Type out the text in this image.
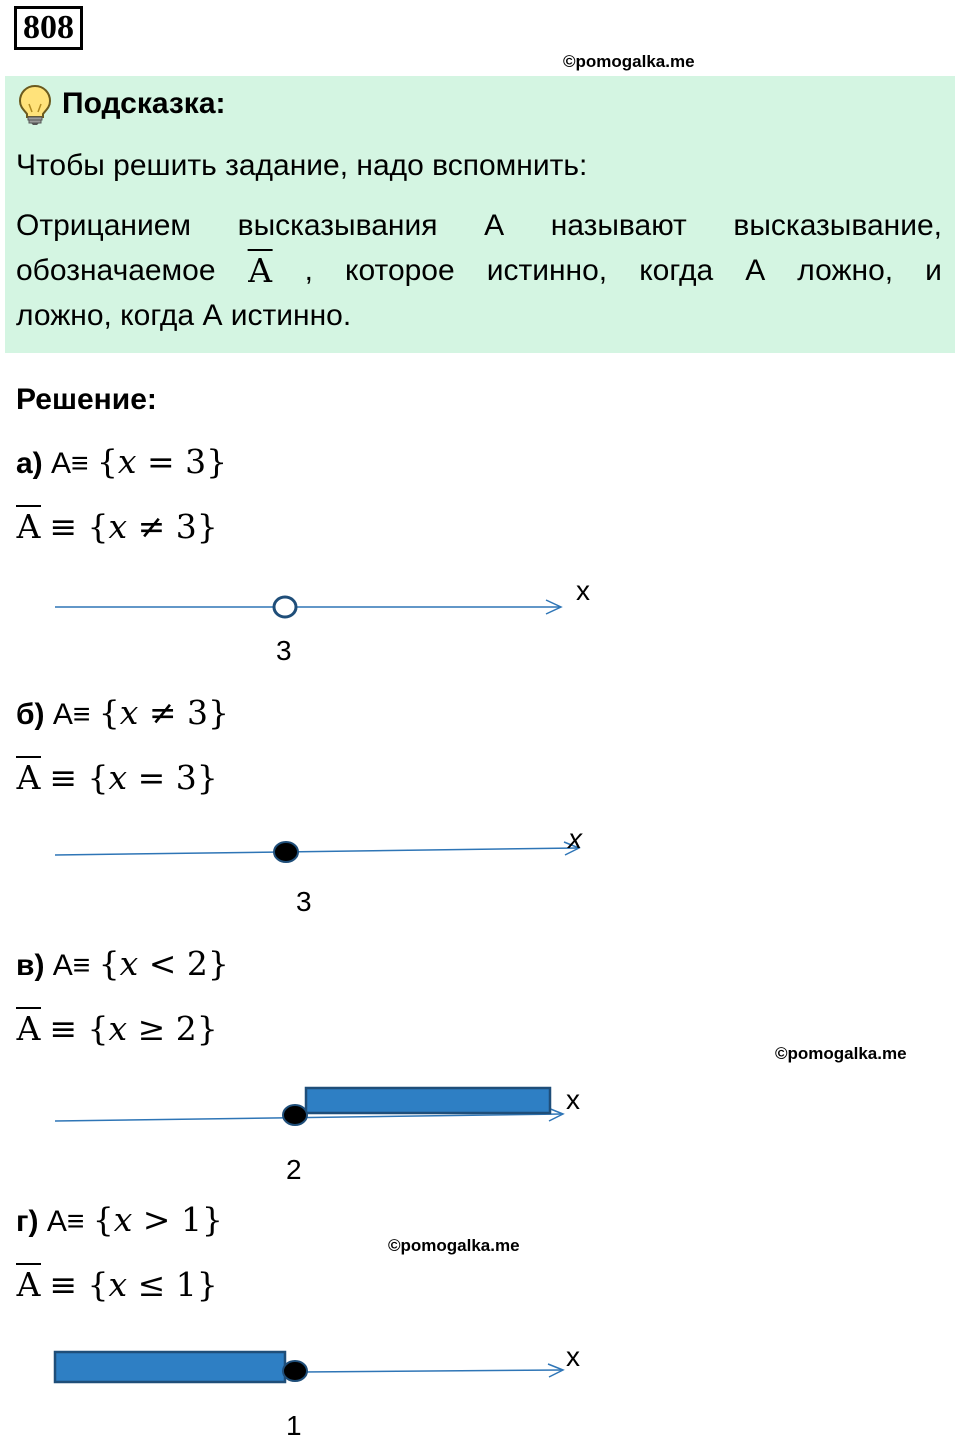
808
©pomogalka.me
Подсказка:
Чтобы решить задание, надо вспомнить:
Отрицанием высказывания А называют высказывание,
обозначаемое А , которое истинно, когда А ложно, и
ложно, когда А истинно.
Решение:
а) А≡ {𝑥 = 3}
А ≡ {𝑥 ≠ 3}
x
3
б) А≡ {𝑥 ≠ 3}
А ≡ {𝑥 = 3}
x
3
в) А≡ {𝑥 < 2}
А ≡ {𝑥 ≥ 2}
©pomogalka.me
x
2
г) А≡ {𝑥 > 1}
©pomogalka.me
А ≡ {𝑥 ≤ 1}
x
1
